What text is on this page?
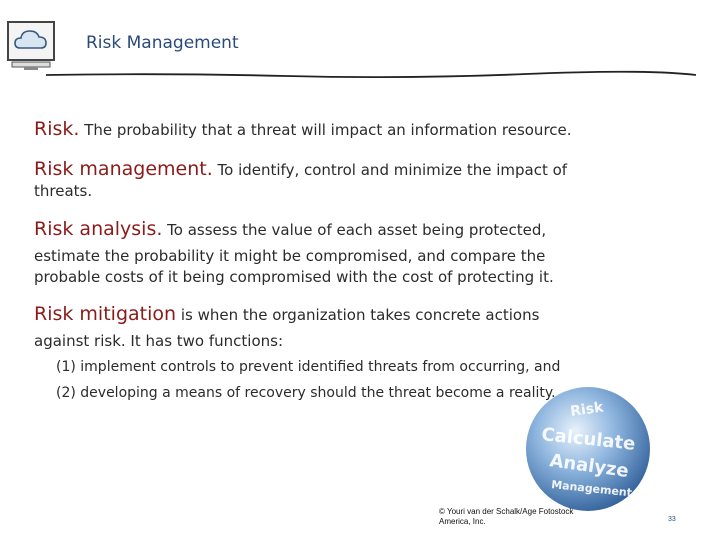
Risk Management
Risk. The probability that a threat will impact an information resource.
Risk management. To identify, control and minimize the impact of
threats.
Risk analysis. To assess the value of each asset being protected,
estimate the probability it might be compromised, and compare the
probable costs of it being compromised with the cost of protecting it.
Risk mitigation is when the organization takes concrete actions
against risk. It has two functions:
(1) implement controls to prevent identified threats from occurring, and
(2) developing a means of recovery should the threat become a reality.
Risk
Calculate
Analyze
Management
© Youri van der Schalk/Age Fotostock
America, Inc.	33
